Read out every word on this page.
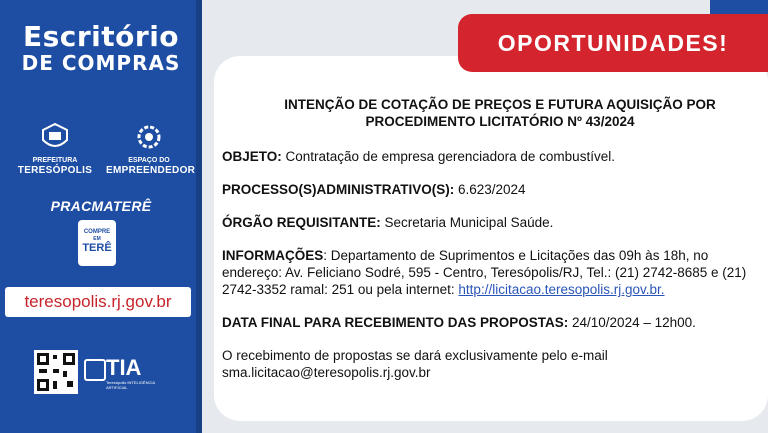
Escritório
DE COMPRAS
PREFEITURA
TERESÓPOLIS
ESPAÇO DO
EMPREENDEDOR
PRACMATERÊ
COMPRE
EM
TERÊ
teresopolis.rj.gov.br
TIA
Teresópolis INTELIGÊNCIA ARTIFICIAL
OPORTUNIDADES!
INTENÇÃO DE COTAÇÃO DE PREÇOS E FUTURA AQUISIÇÃO POR PROCEDIMENTO LICITATÓRIO Nº 43/2024
OBJETO: Contratação de empresa gerenciadora de combustível.
PROCESSO(S)ADMINISTRATIVO(S): 6.623/2024
ÓRGÃO REQUISITANTE: Secretaria Municipal Saúde.
INFORMAÇÕES: Departamento de Suprimentos e Licitações das 09h às 18h, no endereço: Av. Feliciano Sodré, 595 - Centro, Teresópolis/RJ, Tel.: (21) 2742-8685 e (21) 2742-3352 ramal: 251 ou pela internet: http://licitacao.teresopolis.rj.gov.br.
DATA FINAL PARA RECEBIMENTO DAS PROPOSTAS: 24/10/2024 – 12h00.
O recebimento de propostas se dará exclusivamente pelo e-mail sma.licitacao@teresopolis.rj.gov.br
